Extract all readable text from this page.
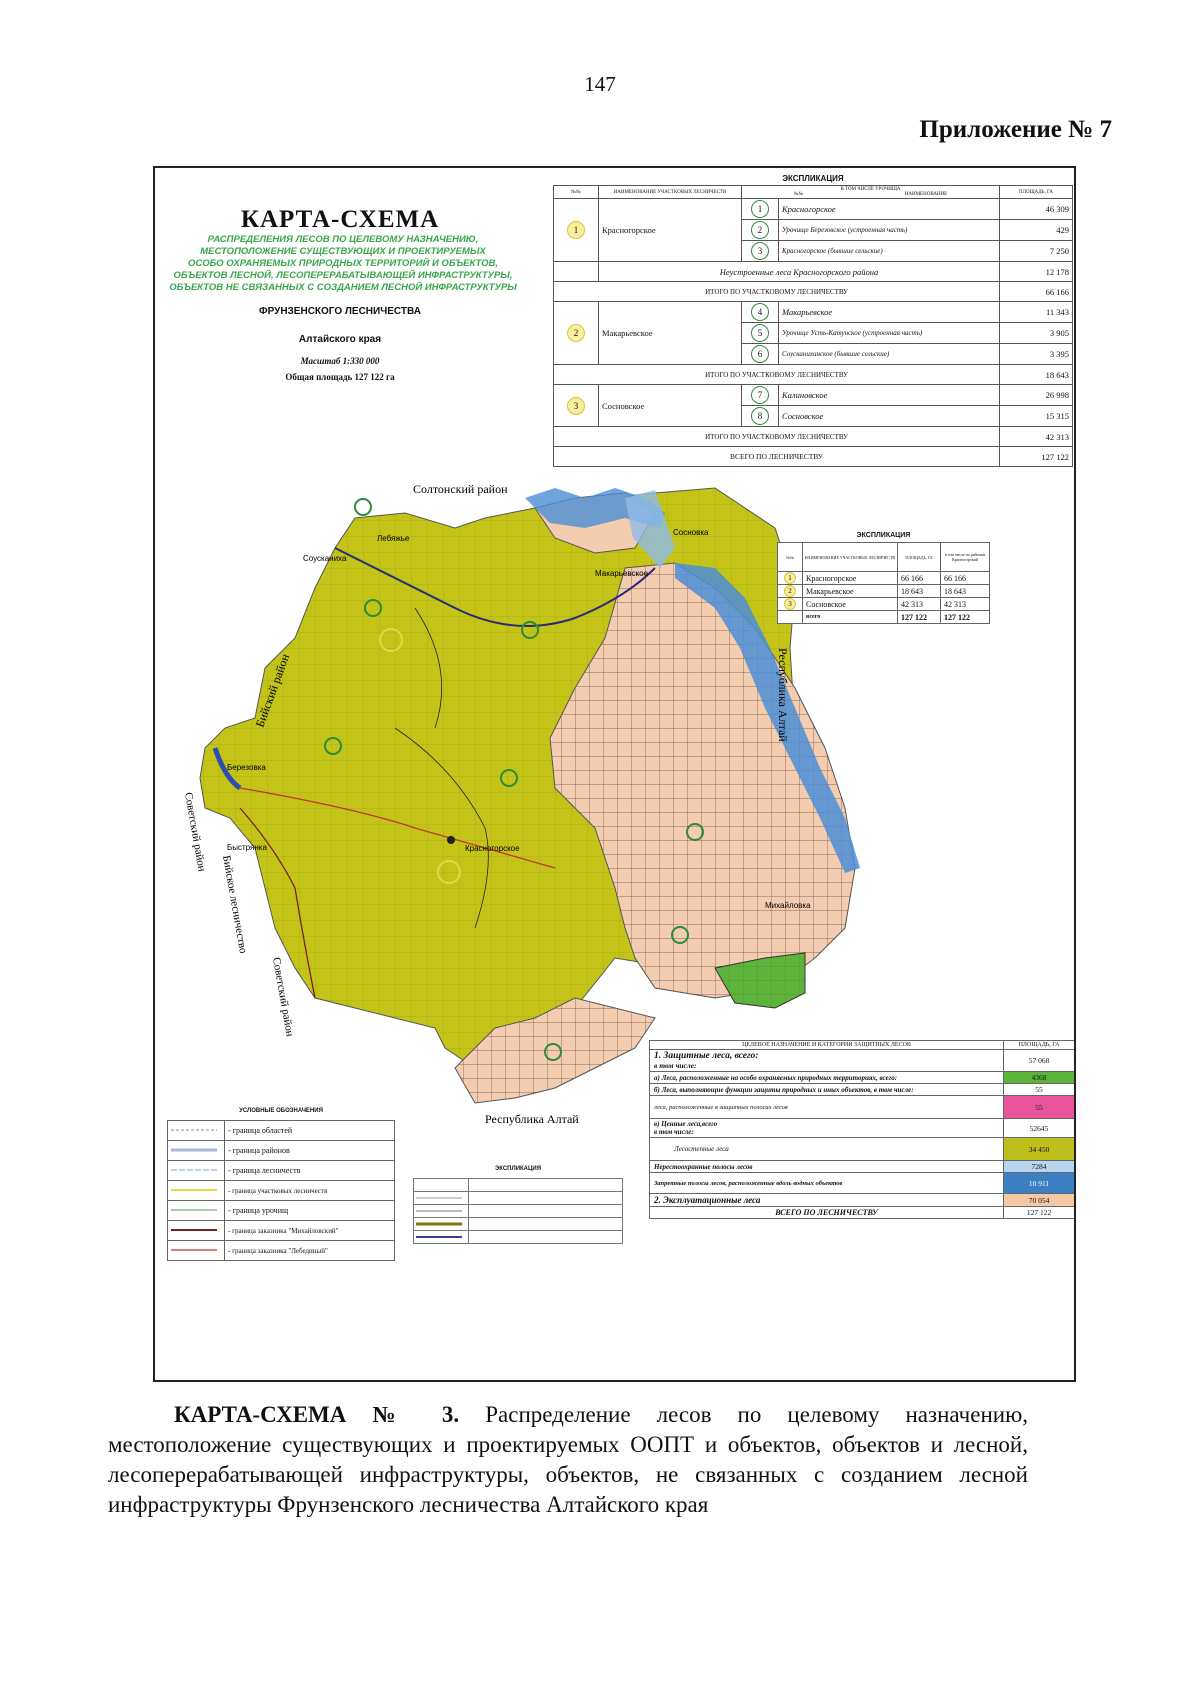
147
Приложение № 7
Солтонский район
Республика Алтай
Республика Алтай
Бийский район
Советский район
Советский район
Бийское лесничество
Березовка
Быстрянка	Красногорское
Сосновка
Михайловка
Соусканиха
Лебяжье
Макарьевское
КАРТА-СХЕМА
РАСПРЕДЕЛЕНИЯ ЛЕСОВ ПО ЦЕЛЕВОМУ НАЗНАЧЕНИЮ,
МЕСТОПОЛОЖЕНИЕ СУЩЕСТВУЮЩИХ И ПРОЕКТИРУЕМЫХ
ОСОБО ОХРАНЯЕМЫХ ПРИРОДНЫХ ТЕРРИТОРИЙ И ОБЪЕКТОВ,
ОБЪЕКТОВ ЛЕСНОЙ, ЛЕСОПЕРЕРАБАТЫВАЮЩЕЙ ИНФРАСТРУКТУРЫ,
ОБЪЕКТОВ НЕ СВЯЗАННЫХ С СОЗДАНИЕМ ЛЕСНОЙ ИНФРАСТРУКТУРЫ
ФРУНЗЕНСКОГО ЛЕСНИЧЕСТВА
Алтайского края
Масштаб 1:330 000
Общая площадь 127 122 га
ЭКСПЛИКАЦИЯ
№№	НАИМЕНОВАНИЕ УЧАСТКОВЫХ ЛЕСНИЧЕСТВ	В ТОМ ЧИСЛЕ УРОЧИЩА
№№ НАИМЕНОВАНИЕ		ПЛОЩАДЬ, ГА
1	Красногорское	1	Красногорское	46 309
		2	Урочище Березовское (устроенная часть)	429
		3	Красногорское (бывшие сельские)	7 250
	Неустроенные леса Красногорского района			12 178
ИТОГО ПО УЧАСТКОВОМУ ЛЕСНИЧЕСТВУ				66 166
2	Макарьевское	4	Макарьевское	11 343
		5	Урочище Усть-Катунское (устроенная часть)	3 905
		6	Соусканихинское (бывшие сельские)	3 395
ИТОГО ПО УЧАСТКОВОМУ ЛЕСНИЧЕСТВУ				18 643
3	Сосновское	7	Калиновское	26 998
		8	Сосновское	15 315
ИТОГО ПО УЧАСТКОВОМУ ЛЕСНИЧЕСТВУ				42 313
ВСЕГО ПО ЛЕСНИЧЕСТВУ				127 122
ЭКСПЛИКАЦИЯ
№№	НАИМЕНОВАНИЕ УЧАСТКОВЫХ ЛЕСНИЧЕСТВ	ПЛОЩАДЬ, ГА	в том числе по районам
Красногорский

1	Красногорское	66 166	66 166
2	Макарьевское	18 643	18 643
3	Сосновское	42 313	42 313
	всего	127 122	127 122
ЦЕЛЕВОЕ НАЗНАЧЕНИЕ И КАТЕГОРИИ ЗАЩИТНЫХ ЛЕСОВ	ПЛОЩАДЬ, ГА

1. Защитные леса, всего:
в том числе:	57 068
а) Леса, расположенные на особо охраняемых природных территориях, всего:	4368
б) Леса, выполняющие функции защиты природных и иных объектов, в том числе:	55
леса, расположенные в защитных полосах лесов	55

в) Ценные леса,всего
в том числе:	52645
Лесостепные леса	34 450
Нерестоохранные полосы лесов	7284
Запретные полосы лесов, расположенные вдоль водных объектов	10 911
2. Эксплуатационные леса	70 054
ВСЕГО ПО ЛЕСНИЧЕСТВУ	127 122
УСЛОВНЫЕ ОБОЗНАЧЕНИЯ
	- граница областей
	- граница районов
	- граница лесничеств
	- граница участковых лесничеств
	- граница урочищ
	- граница заказника "Михайловский"
	- граница заказника "Лебединый"
ЭКСПЛИКАЦИЯ

КАРТА-СХЕМА № 3. Распределение лесов по целевому назначению, местоположение существующих и проектируемых ООПТ и объектов, объектов и лесной, лесоперерабатывающей инфраструктуры, объектов, не связанных с созданием лесной инфраструктуры Фрунзенского лесничества Алтайского края
